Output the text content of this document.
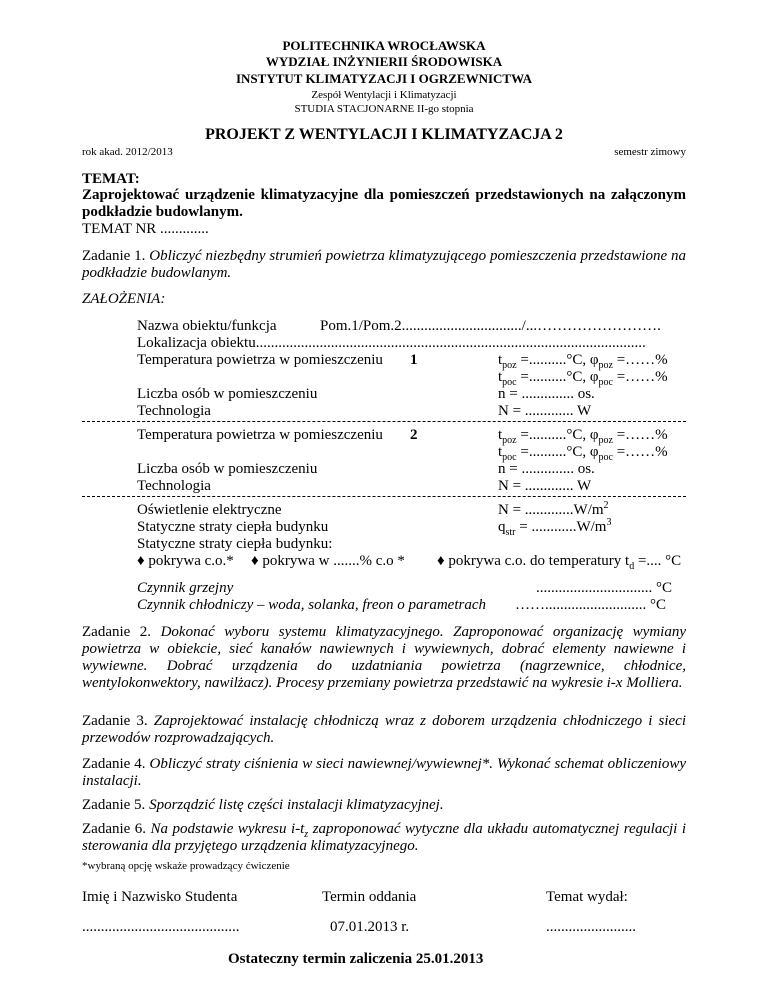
POLITECHNIKA WROCŁAWSKA
WYDZIAŁ INŻYNIERII ŚRODOWISKA
INSTYTUT KLIMATYZACJI I OGRZEWNICTWA
Zespół Wentylacji i Klimatyzacji
STUDIA STACJONARNE II-go stopnia
PROJEKT Z WENTYLACJI I KLIMATYZACJA 2
rok akad. 2012/2013	semestr zimowy
TEMAT:
Zaprojektować urządzenie klimatyzacyjne dla pomieszczeń przedstawionych na załączonym podkładzie budowlanym.
TEMAT NR .............
Zadanie 1. Obliczyć niezbędny strumień powietrza klimatyzującego pomieszczenia przedstawione na podkładzie budowlanym.
ZAŁOŻENIA:
Nazwa obiektu/funkcja	Pom.1/Pom.2................................/...…………………….
Lokalizacja obiektu........................................................................................................
Temperatura powietrza w pomieszczeniu 1	$t_{poz} =..........^\circ C$, $\varphi_{poz}$ =……%
$t_{poc} =..........^\circ C$, $\varphi_{poc}$ =……%
Liczba osób w pomieszczeniu	n = .............. os.
Technologia	N = ............. W
Temperatura powietrza w pomieszczeniu 2	$t_{poz} =..........^\circ C$, $\varphi_{poz}$ =……%
$t_{poc} =..........^\circ C$, $\varphi_{poc}$ =……%
Liczba osób w pomieszczeniu	n = .............. os.
Technologia	N = ............. W
Oświetlenie elektryczne	$N = .............W/m^2$
Statyczne straty ciepła budynku	$q_{str} = ............W/m^3$
Statyczne straty ciepła budynku:
♦ pokrywa c.o.* ♦ pokrywa w .......% c.o * ♦ pokrywa c.o. do temperatury $t_d$ =.... °C
Czynnik grzejny	............................... °C
Czynnik chłodniczy – woda, solanka, freon o parametrach ……........................... °C
Zadanie 2. Dokonać wyboru systemu klimatyzacyjnego. Zaproponować organizację wymiany powietrza w obiekcie, sieć kanałów nawiewnych i wywiewnych, dobrać elementy nawiewne i wywiewne. Dobrać urządzenia do uzdatniania powietrza (nagrzewnice, chłodnice, wentylokonwektory, nawilżacz). Procesy przemiany powietrza przedstawić na wykresie i-x Molliera.
Zadanie 3. Zaprojektować instalację chłodniczą wraz z doborem urządzenia chłodniczego i sieci przewodów rozprowadzających.
Zadanie 4. Obliczyć straty ciśnienia w sieci nawiewnej/wywiewnej*. Wykonać schemat obliczeniowy instalacji.
Zadanie 5. Sporządzić listę części instalacji klimatyzacyjnej.
Zadanie 6. Na podstawie wykresu $i-t_z$ zaproponować wytyczne dla układu automatycznej regulacji i sterowania dla przyjętego urządzenia klimatyzacyjnego.
*wybraną opcję wskaże prowadzący ćwiczenie
Imię i Nazwisko Studenta	Termin oddania	Temat wydał:
..........................................	07.01.2013 r.	........................
Ostateczny termin zaliczenia 25.01.2013
